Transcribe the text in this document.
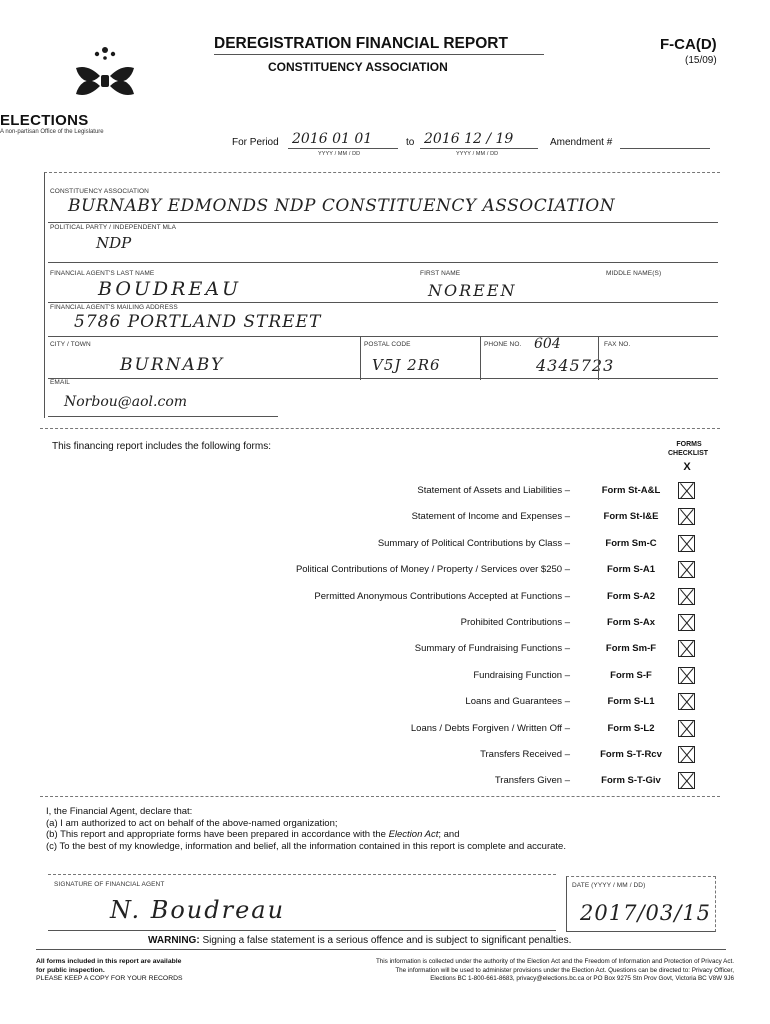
ELECTIONS
A non-partisan Office of the Legislature
DEREGISTRATION FINANCIAL REPORT
CONSTITUENCY ASSOCIATION
F-CA(D)
(15/09)
For Period 2016 01 01
YYYY / MM / DD
to 2016 12 / 19
YYYY / MM / DD
Amendment #
CONSTITUENCY ASSOCIATION
BURNABY EDMONDS NDP CONSTITUENCY ASSOCIATION
POLITICAL PARTY / INDEPENDENT MLA
NDP
FINANCIAL AGENT'S LAST NAME	FIRST NAME	MIDDLE NAME(S)
BOUDREAU	NOREEN
FINANCIAL AGENT'S MAILING ADDRESS
5786 PORTLAND STREET
CITY / TOWN
BURNABY
POSTAL CODE
V5J 2R6
PHONE NO. 604
4345723
FAX NO.
EMAIL
Norbou@aol.com
This financing report includes the following forms:	FORMS
CHECKLIST
X
Statement of Assets and Liabilities –	Form St-A&L
Statement of Income and Expenses –	Form St-I&E
Summary of Political Contributions by Class –	Form Sm-C
Political Contributions of Money / Property / Services over $250 –	Form S-A1
Permitted Anonymous Contributions Accepted at Functions –	Form S-A2
Prohibited Contributions –	Form S-Ax
Summary of Fundraising Functions –	Form Sm-F
Fundraising Function –	Form S-F
Loans and Guarantees –	Form S-L1
Loans / Debts Forgiven / Written Off –	Form S-L2
Transfers Received –	Form S-T-Rcv
Transfers Given –	Form S-T-Giv
I, the Financial Agent, declare that:
(a) I am authorized to act on behalf of the above-named organization;
(b) This report and appropriate forms have been prepared in accordance with the Election Act; and
(c) To the best of my knowledge, information and belief, all the information contained in this report is complete and accurate.
SIGNATURE OF FINANCIAL AGENT
N. Boudreau
DATE (YYYY / MM / DD)
2017/03/15
WARNING: Signing a false statement is a serious offence and is subject to significant penalties.
All forms included in this report are available
for public inspection.
PLEASE KEEP A COPY FOR YOUR RECORDS
This information is collected under the authority of the Election Act and the Freedom of Information and Protection of Privacy Act.
The information will be used to administer provisions under the Election Act. Questions can be directed to: Privacy Officer,
Elections BC 1-800-661-8683, privacy@elections.bc.ca or PO Box 9275 Stn Prov Govt, Victoria BC V8W 9J6
